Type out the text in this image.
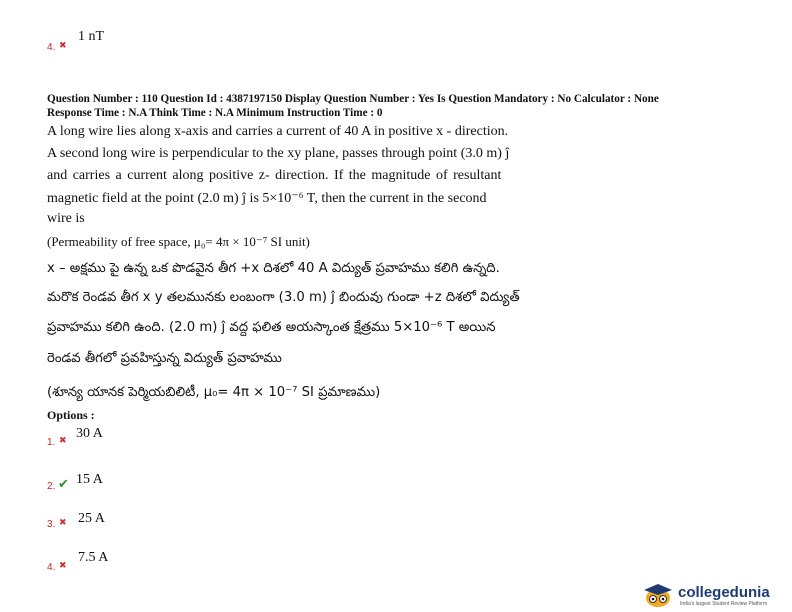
4. ✖
1 nT
Question Number : 110 Question Id : 4387197150 Display Question Number : Yes Is Question Mandatory : No Calculator : None
Response Time : N.A Think Time : N.A Minimum Instruction Time : 0
A long wire lies along x-axis and carries a current of 40 A in positive x - direction.
A second long wire is perpendicular to the xy plane, passes through point (3.0 m) ĵ
and carries a current along positive z- direction. If the magnitude of resultant
magnetic field at the point (2.0 m) ĵ is 5×10⁻⁶ T, then the current in the second
wire is
(Permeability of free space, μ₀= 4π × 10⁻⁷ SI unit)
x – అక్షము పై ఉన్న ఒక పొడవైన తీగ +x దిశలో 40 A విద్యుత్ ప్రవాహము కలిగి ఉన్నది.
మరొక రెండవ తీగ x y తలమునకు లంబంగా (3.0 m) ĵ బిందువు గుండా +z దిశలో విద్యుత్
ప్రవాహము కలిగి ఉంది. (2.0 m) ĵ వద్ద ఫలిత అయస్కాంత క్షేత్రము 5×10⁻⁶ T అయిన
రెండవ తీగలో ప్రవహిస్తున్న విద్యుత్ ప్రవాహము
(శూన్య యానక పెర్మియబిలిటీ, μ₀= 4π × 10⁻⁷ SI ప్రమాణము)
Options :
1. ✖ 30 A
2. ✔ 15 A
3. ✖ 25 A
4. ✖
7.5 A
collegedunia
India's largest Student Review Platform
